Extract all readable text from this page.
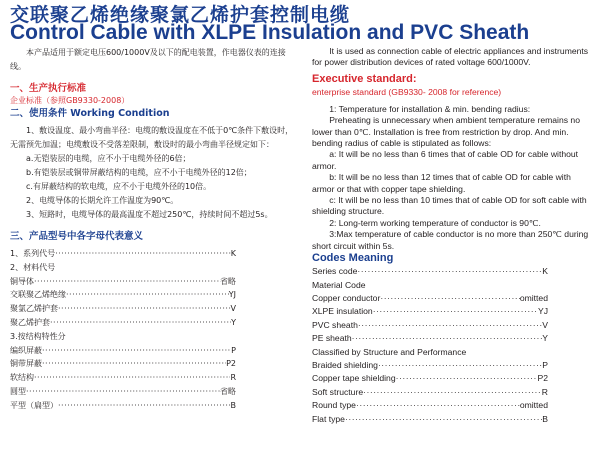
交联聚乙烯绝缘聚氯乙烯护套控制电缆
Control Cable with XLPE Insulation and PVC Sheath

本产品适用于额定电压600/1000V及以下的配电装置，作电器仪表的连接线。

一、生产执行标准

企业标准（参照GB9330-2008）

二、使用条件 Working Condition

1、敷设温度、最小弯曲半径：电缆的敷设温度在不低于0℃条件下敷设时，无需预先加温；电缆敷设不受落差限制，敷设时的最小弯曲半径规定如下：

a.无铠装层的电缆，应不小于电缆外径的6倍；

b.有铠装层或铜带屏蔽结构的电缆，应不小于电缆外径的12倍；

c.有屏蔽结构的软电缆，应不小于电缆外径的10倍。

2、电缆导体的长期允许工作温度为90℃。

3、短路时，电缆导体的最高温度不超过250℃，持续时间不超过5s。

三、产品型号中各字母代表意义

1、系列代号 ·····	K
2、材料代号
铜导体 ·····	省略
交联聚乙烯绝缘 ·····	YJ
聚氯乙烯护套 ·····	V
聚乙烯护套 ·····	Y
3.按结构特性分
编织屏蔽 ·····	P
铜带屏蔽 ·····	P2
软结构 ·····	R
圆型 ·····	省略
平型（扁型） ·····	B

It is used as connection cable of electric appliances and instruments for power distribution devices of rated voltage 600/1000V.

Executive standard:

enterprise standard (GB9330- 2008 for reference)

1: Temperature for installation & min. bending radius:

Preheating is unnecessary when ambient temperature remains no lower than 0℃. Installation is free from restriction by drop. And min. bending radius of cable is stipulated as follows:

a: It will be no less than 6 times that of cable OD for cable without armor.

b: It will be no less than 12 times that of cable OD for cable with armor or that with copper tape shielding.

c: It will be no less than 10 times that of cable OD for soft cable with shielding structure.

2: Long-term working temperature of conductor is 90℃.

3:Max temperature of cable conductor is no more than 250℃ during short circuit within 5s.

Codes Meaning

Series code ·····	K
Material Code
Copper conductor ·····	omitted
XLPE insulation ·····	YJ
PVC sheath ·····	V
PE sheath ·····	Y
Classified by Structure and Performance
Braided shielding ·····	P
Copper tape shielding ·····	P2
Soft structure ·····	R
Round type ·····	omitted
Flat type ·····	B
